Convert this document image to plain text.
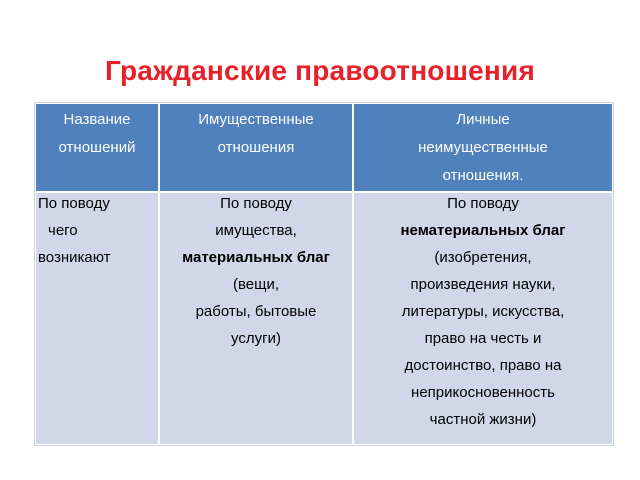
Гражданские правоотношения
Название
отношений
Имущественные
отношения
Личные
неимущественные
отношения.
По поводу
чего
возникают
По поводу
имущества,
материальных благ
(вещи,
работы, бытовые
услуги)
По поводу
нематериальных благ
(изобретения,
произведения науки,
литературы, искусства,
право на честь и
достоинство, право на
неприкосновенность
частной жизни)
